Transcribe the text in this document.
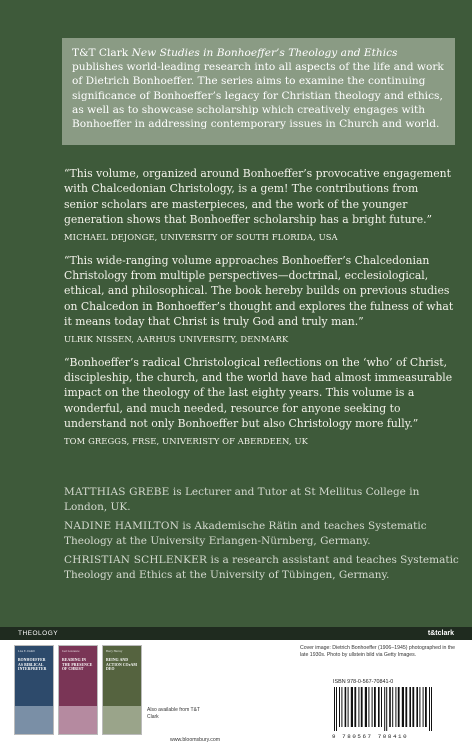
T&T Clark New Studies in Bonhoeffer’s Theology and Ethics publishes world-leading research into all aspects of the life and work of Dietrich Bonhoeffer. The series aims to examine the continuing significance of Bonhoeffer’s legacy for Christian theology and ethics, as well as to showcase scholarship which creatively engages with Bonhoeffer in addressing contemporary issues in Church and world.

“This volume, organized around Bonhoeffer’s provocative engagement with Chalcedonian Christology, is a gem! The contributions from senior scholars are masterpieces, and the work of the younger generation shows that Bonhoeffer scholarship has a bright future.”

MICHAEL DEJONGE, UNIVERSITY OF SOUTH FLORIDA, USA

“This wide-ranging volume approaches Bonhoeffer’s Chalcedonian Christology from multiple perspectives—doctrinal, ecclesiological, ethical, and philosophical. The book hereby builds on previous studies on Chalcedon in Bonhoeffer’s thought and explores the fulness of what it means today that Christ is truly God and truly man.”

ULRIK NISSEN, AARHUS UNIVERSITY, DENMARK

“Bonhoeffer’s radical Christological reflections on the ‘who’ of Christ, discipleship, the church, and the world have had almost immeasurable impact on the theology of the last eighty years. This volume is a wonderful, and much needed, resource for anyone seeking to understand not only Bonhoeffer but also Christology more fully.”

TOM GREGGS, FRSE, UNIVERISTY OF ABERDEEN, UK

MATTHIAS GREBE is Lecturer and Tutor at St Mellitus College in London, UK.

NADINE HAMILTON is Akademische Rätin and teaches Systematic Theology at the University Erlangen-Nürnberg, Germany.

CHRISTIAN SCHLENKER is a research assistant and teaches Systematic Theology and Ethics at the University of Tübingen, Germany.

THEOLOGY	t&tclark
Lisa E. Dahill
BONHOEFFER AS BIBLICAL INTERPRETER
Joel Lawrence
READING IN THE PRESENCE OF CHRIST
Barry Harvey
BEING AND ACTION COrAM DEO
Also available from T&T Clark
www.bloomsbury.com
Cover image: Dietrich Bonhoeffer (1906–1945) photographed in the late 1930s. Photo by ullstein bild via Getty Images.
ISBN 978-0-567-70841-0
9 780567 708410
